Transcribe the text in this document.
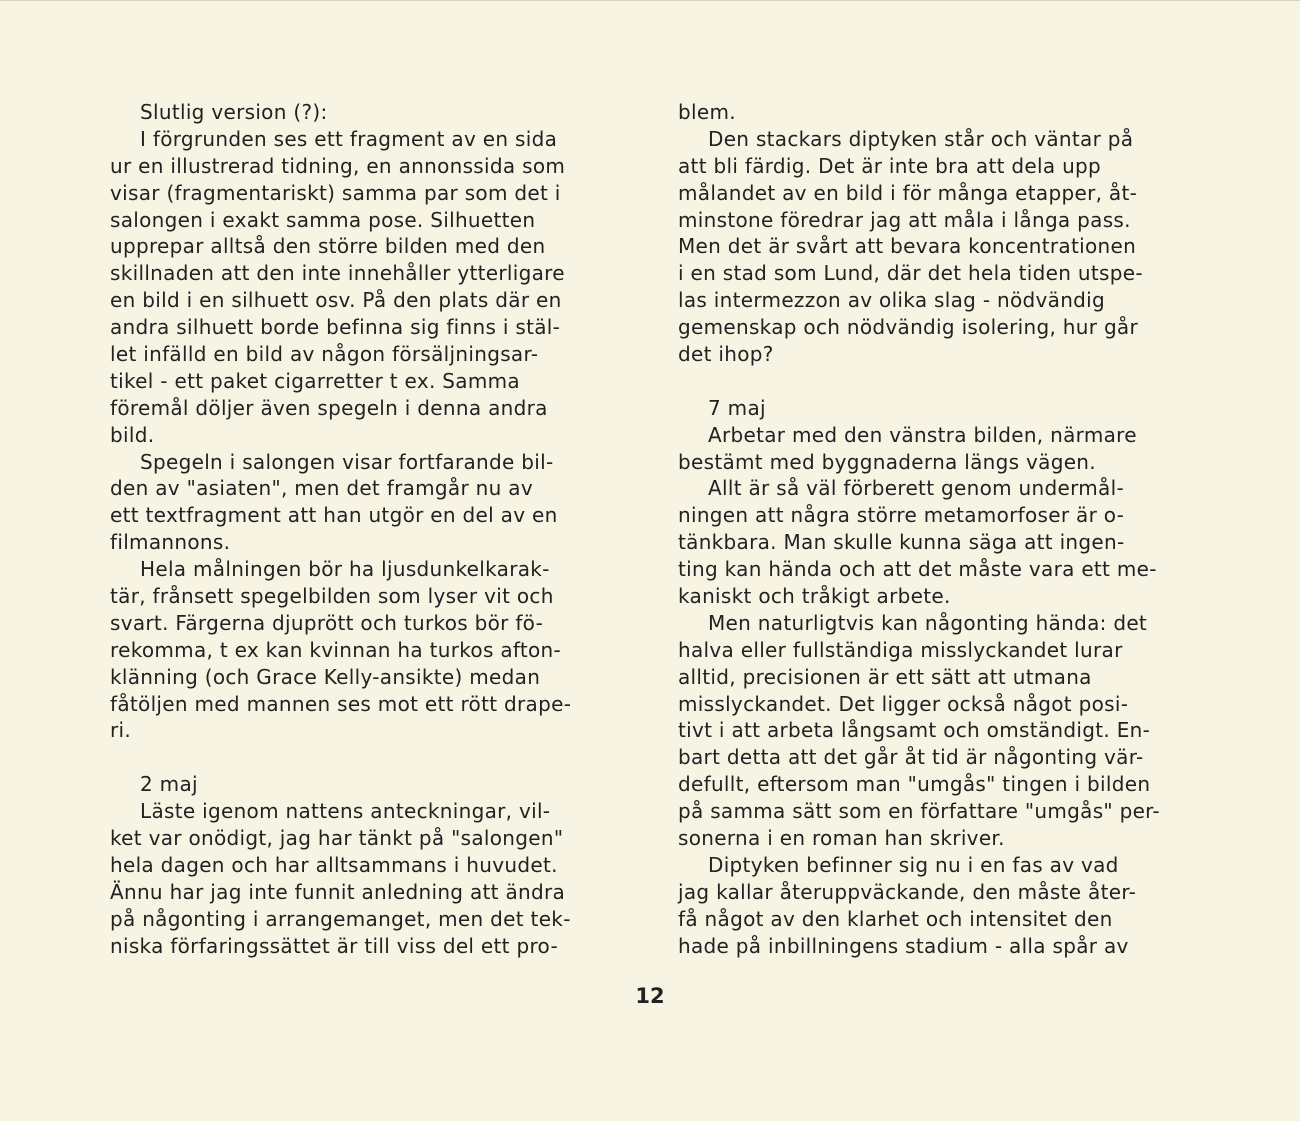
Slutlig version (?):
I förgrunden ses ett fragment av en sida
ur en illustrerad tidning, en annonssida som
visar (fragmentariskt) samma par som det i
salongen i exakt samma pose. Silhuetten
upprepar alltså den större bilden med den
skillnaden att den inte innehåller ytterligare
en bild i en silhuett osv. På den plats där en
andra silhuett borde befinna sig finns i stäl-
let infälld en bild av någon försäljningsar-
tikel - ett paket cigarretter t ex. Samma
föremål döljer även spegeln i denna andra
bild.
Spegeln i salongen visar fortfarande bil-
den av "asiaten", men det framgår nu av
ett textfragment att han utgör en del av en
filmannons.
Hela målningen bör ha ljusdunkelkarak-
tär, frånsett spegelbilden som lyser vit och
svart. Färgerna djuprött och turkos bör fö-
rekomma, t ex kan kvinnan ha turkos afton-
klänning (och Grace Kelly-ansikte) medan
fåtöljen med mannen ses mot ett rött drape-
ri.
2 maj
Läste igenom nattens anteckningar, vil-
ket var onödigt, jag har tänkt på "salongen"
hela dagen och har alltsammans i huvudet.
Ännu har jag inte funnit anledning att ändra
på någonting i arrangemanget, men det tek-
niska förfaringssättet är till viss del ett pro-
blem.
Den stackars diptyken står och väntar på
att bli färdig. Det är inte bra att dela upp
målandet av en bild i för många etapper, åt-
minstone föredrar jag att måla i långa pass.
Men det är svårt att bevara koncentrationen
i en stad som Lund, där det hela tiden utspe-
las intermezzon av olika slag - nödvändig
gemenskap och nödvändig isolering, hur går
det ihop?
7 maj
Arbetar med den vänstra bilden, närmare
bestämt med byggnaderna längs vägen.
Allt är så väl förberett genom undermål-
ningen att några större metamorfoser är o-
tänkbara. Man skulle kunna säga att ingen-
ting kan hända och att det måste vara ett me-
kaniskt och tråkigt arbete.
Men naturligtvis kan någonting hända: det
halva eller fullständiga misslyckandet lurar
alltid, precisionen är ett sätt att utmana
misslyckandet. Det ligger också något posi-
tivt i att arbeta långsamt och omständigt. En-
bart detta att det går åt tid är någonting vär-
defullt, eftersom man "umgås" tingen i bilden
på samma sätt som en författare "umgås" per-
sonerna i en roman han skriver.
Diptyken befinner sig nu i en fas av vad
jag kallar återuppväckande, den måste åter-
få något av den klarhet och intensitet den
hade på inbillningens stadium - alla spår av
12
